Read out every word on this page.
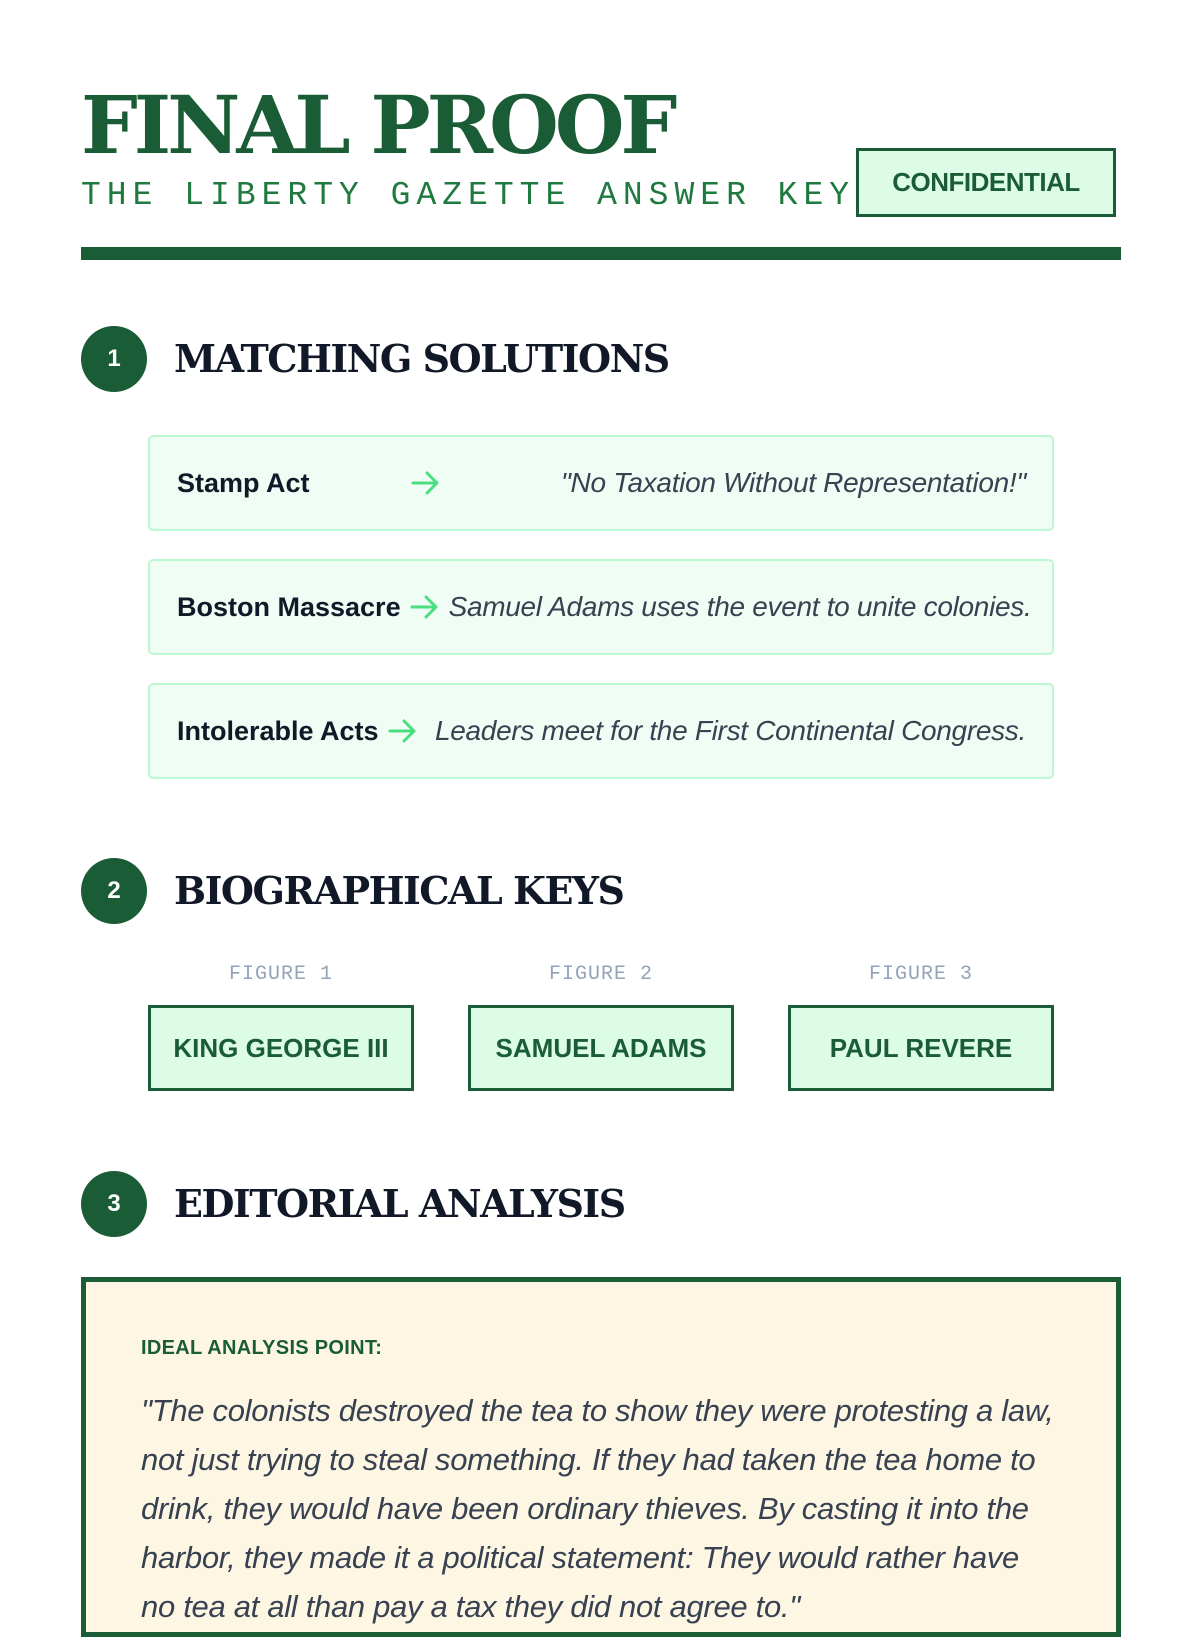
FINAL PROOF
THE LIBERTY GAZETTE ANSWER KEY	CONFIDENTIAL
1	MATCHING SOLUTIONS
Stamp Act	"No Taxation Without Representation!"
Boston Massacre Samuel Adams uses the event to unite colonies.
Intolerable Acts	Leaders meet for the First Continental Congress.
2	BIOGRAPHICAL KEYS
FIGURE 1
KING GEORGE III
FIGURE 2
SAMUEL ADAMS
FIGURE 3
PAUL REVERE
3	EDITORIAL ANALYSIS
IDEAL ANALYSIS POINT:
"The colonists destroyed the tea to show they were protesting a law, not just trying to steal something. If they had taken the tea home to drink, they would have been ordinary thieves. By casting it into the harbor, they made it a political statement: They would rather have no tea at all than pay a tax they did not agree to."
